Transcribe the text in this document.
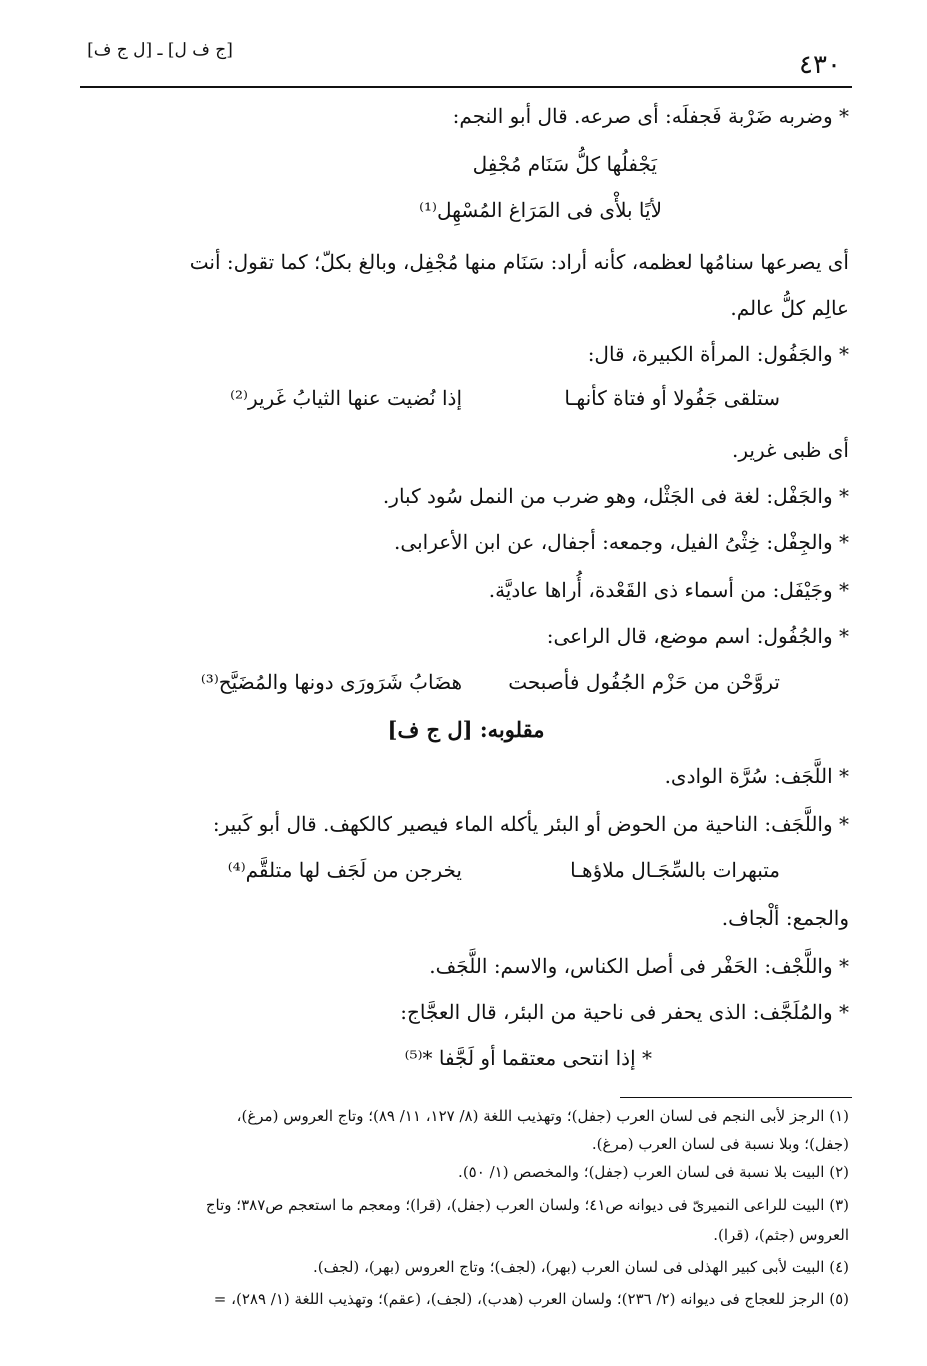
٤٣٠
[ج ف ل] ـ [ل ج ف]
* وضربه ضَرْبة فَجفلَه: أى صرعه. قال أبو النجم:
يَجْفلُها كلُّ سَنَام مُجْفِل
لأيًا بلأْى فى المَرَاغ المُسْهِل⁽¹⁾
أى يصرعها سنامُها لعظمه، كأنه أراد: سَنَام منها مُجْفِل، وبالغ بكلّ؛ كما تقول: أنت
عالِم كلُّ عالم.
* والجَفُول: المرأة الكبيرة، قال:
ستلقى جَفُولا أو فتاة كأنهـا
إذا نُضيت عنها الثيابُ غَرير⁽²⁾
أى ظبى غرير.
* والجَفْل: لغة فى الجَثْل، وهو ضرب من النمل سُود كبار.
* والجِفْل: خِثْىُ الفيل، وجمعه: أجفال، عن ابن الأعرابى.
* وجَيْفَل: من أسماء ذى القَعْدة، أُراها عاديَّة.
* والجُفُول: اسم موضع، قال الراعى:
تروَّحْن من حَزْم الجُفُول فأصبحت
هضَابُ شَرَورَى دونها والمُضَيَّح⁽³⁾
مقلوبه: [ل ج ف]
* اللَّجَف: سُرَّة الوادى.
* واللَّجَف: الناحية من الحوض أو البئر يأكله الماء فيصير كالكهف. قال أبو كَبير:
متبهرات بالسِّجَـال ملاؤهـا
يخرجن من لَجَف لها متلقَّم⁽⁴⁾
والجمع: ألْجاف.
* واللَّجْف: الحَفْر فى أصل الكناس، والاسم: اللَّجَف.
* والمُلَجَّف: الذى يحفر فى ناحية من البئر، قال العجَّاج:
* إذا انتحى معتقما أو لَجَّفا *⁽⁵⁾
(١) الرجز لأبى النجم فى لسان العرب (جفل)؛ وتهذيب اللغة (٨/ ١٢٧، ١١/ ٨٩)؛ وتاج العروس (مرغ)،
(جفل)؛ وبلا نسبة فى لسان العرب (مرغ).
(٢) البيت بلا نسبة فى لسان العرب (جفل)؛ والمخصص (١/ ٥٠).
(٣) البيت للراعى النميرىّ فى ديوانه ص٤١؛ ولسان العرب (جفل)، (قرا)؛ ومعجم ما استعجم ص٣٨٧؛ وتاج
العروس (جثم)، (قرا).
(٤) البيت لأبى كبير الهذلى فى لسان العرب (بهر)، (لجف)؛ وتاج العروس (بهر)، (لجف).
(٥) الرجز للعجاج فى ديوانه (٢/ ٢٣٦)؛ ولسان العرب (هدب)، (لجف)، (عقم)؛ وتهذيب اللغة (١/ ٢٨٩)، =
